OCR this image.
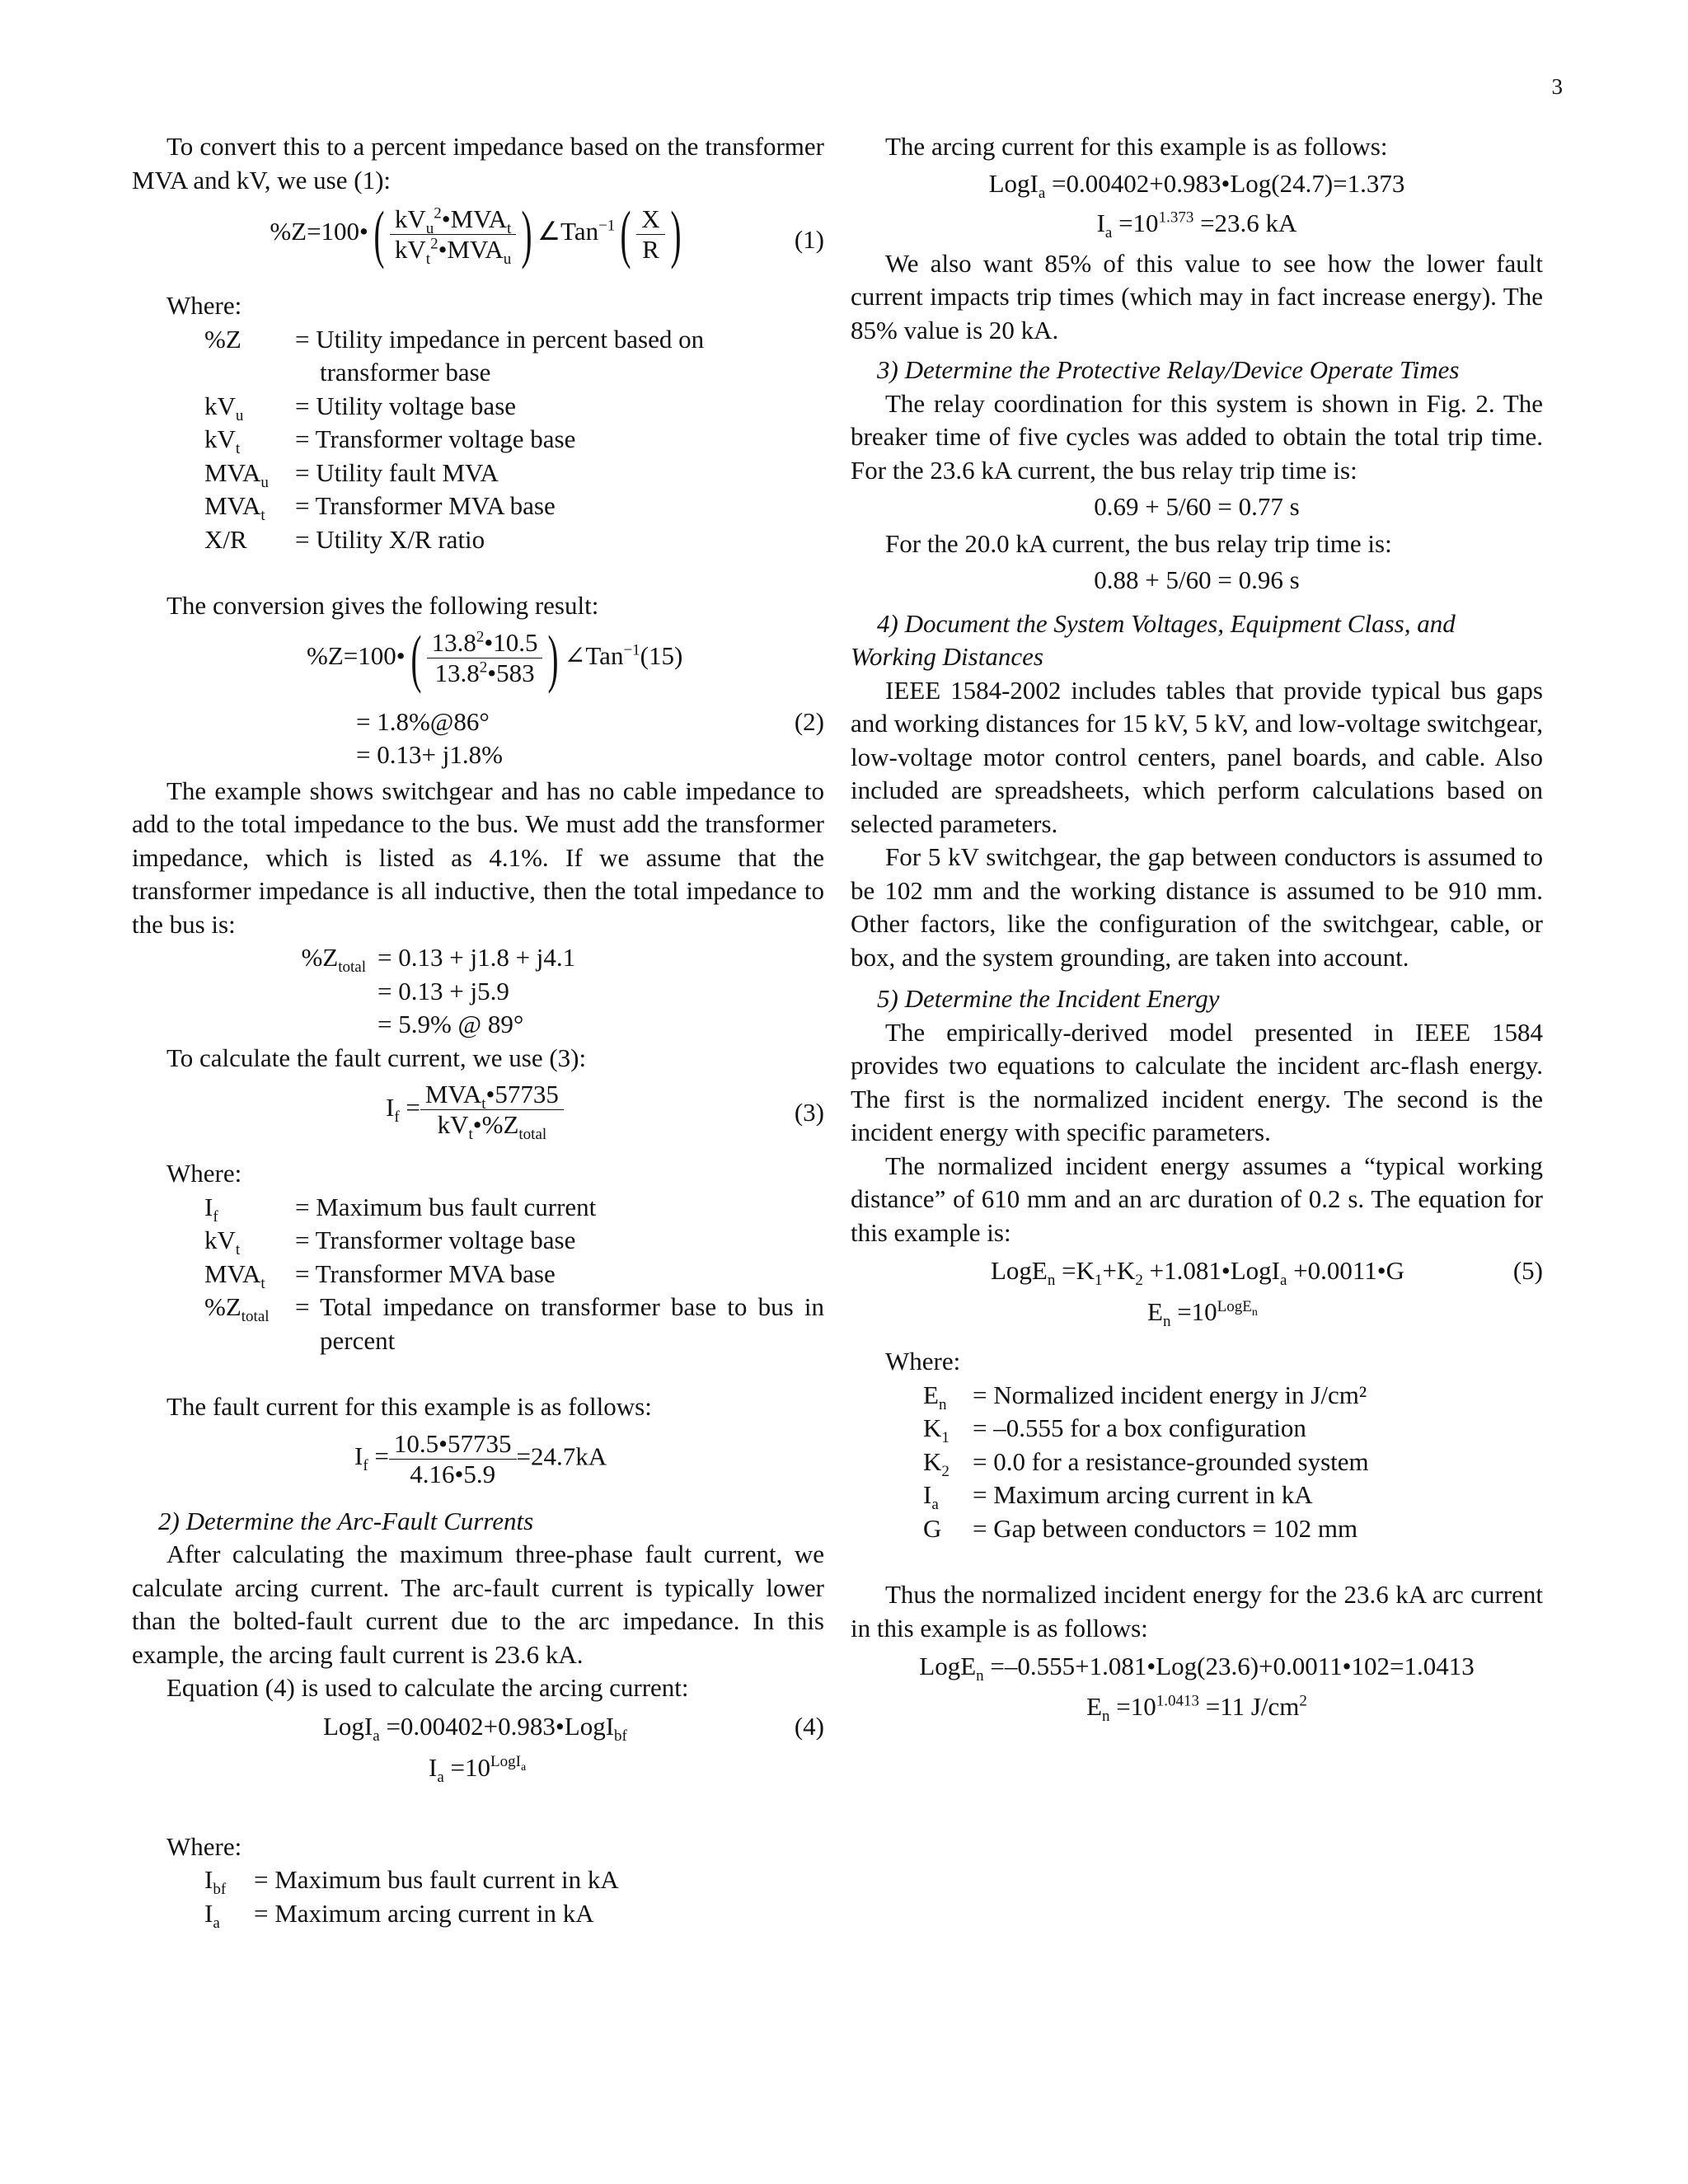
3

To convert this to a percent impedance based on the transformer MVA and kV, we use (1):

%Z=100•( $\frac{kV_u^2•MVA_t}{kV_t^2•MVA_u}$ ) ∠Tan$^{-1}$( $\frac{X}{R}$ )	(1)
Where:
%Z	= Utility impedance in percent based on transformer base
$kV_u$	= Utility voltage base
$kV_t$	= Transformer voltage base
$MVA_u$	= Utility fault MVA
$MVA_t$	= Transformer MVA base
X/R	= Utility X/R ratio

The conversion gives the following result:

%Z=100•( $\frac{13.8^2•10.5}{13.8^2•583}$ ) ∠Tan$^{-1}$(15)
= 1.8%@86°
= 0.13+ j1.8%
(2)

The example shows switchgear and has no cable impedance to add to the total impedance to the bus. We must add the transformer impedance, which is listed as 4.1%. If we assume that the transformer impedance is all inductive, then the total impedance to the bus is:

$\%Z_{total} = 0.13 + j1.8 + j4.1$
= 0.13 + j5.9
= 5.9% @ 89°

To calculate the fault current, we use (3):

$I_f = \frac{MVA_t•57735}{kV_t•\%Z_{total}}$	(3)
Where:
$I_f$	= Maximum bus fault current
$kV_t$	= Transformer voltage base
$MVA_t$	= Transformer MVA base
$\%Z_{total}$	= Total impedance on transformer base to bus in percent

The fault current for this example is as follows:

$I_f = \frac{10.5•57735}{4.16•5.9} =24.7kA$
2) Determine the Arc-Fault Currents

After calculating the maximum three-phase fault current, we calculate arcing current. The arc-fault current is typically lower than the bolted-fault current due to the arc impedance. In this example, the arcing fault current is 23.6 kA.

Equation (4) is used to calculate the arcing current:

LogI$_a$ =0.00402+0.983•LogI$_{bf}$
$I_a =10^{LogI_a}$
(4)
Where:
$I_{bf}$	= Maximum bus fault current in kA
$I_a$	= Maximum arcing current in kA

The arcing current for this example is as follows:

LogI$_a$ =0.00402+0.983•Log(24.7)=1.373
$I_a =10^{1.373} =23.6$ kA

We also want 85% of this value to see how the lower fault current impacts trip times (which may in fact increase energy). The 85% value is 20 kA.

3) Determine the Protective Relay/Device Operate Times

The relay coordination for this system is shown in Fig. 2. The breaker time of five cycles was added to obtain the total trip time. For the 23.6 kA current, the bus relay trip time is:

0.69 + 5/60 = 0.77 s

For the 20.0 kA current, the bus relay trip time is:

0.88 + 5/60 = 0.96 s
4) Document the System Voltages, Equipment Class, and Working Distances

IEEE 1584-2002 includes tables that provide typical bus gaps and working distances for 15 kV, 5 kV, and low-voltage switchgear, low-voltage motor control centers, panel boards, and cable. Also included are spreadsheets, which perform calculations based on selected parameters.

For 5 kV switchgear, the gap between conductors is assumed to be 102 mm and the working distance is assumed to be 910 mm. Other factors, like the configuration of the switchgear, cable, or box, and the system grounding, are taken into account.

5) Determine the Incident Energy

The empirically-derived model presented in IEEE 1584 provides two equations to calculate the incident arc-flash energy. The first is the normalized incident energy. The second is the incident energy with specific parameters.

The normalized incident energy assumes a “typical working distance” of 610 mm and an arc duration of 0.2 s. The equation for this example is:

LogE$_n$ $=K_1+K_2$ +1.081•LogI$_a$ +0.0011•G
$E_n =10^{LogE_n}$
(5)
Where:
$E_n$	= Normalized incident energy in J/cm²
$K_1 = -0.555$ for a box configuration
$K_2 = 0.0$ for a resistance-grounded system
$I_a$	= Maximum arcing current in kA
G	= Gap between conductors = 102 mm

Thus the normalized incident energy for the 23.6 kA arc current in this example is as follows:

LogE$_n$ =–0.555+1.081•Log(23.6)+0.0011•102=1.0413
$E_n =10^{1.0413} =11$ $J/cm^2$
